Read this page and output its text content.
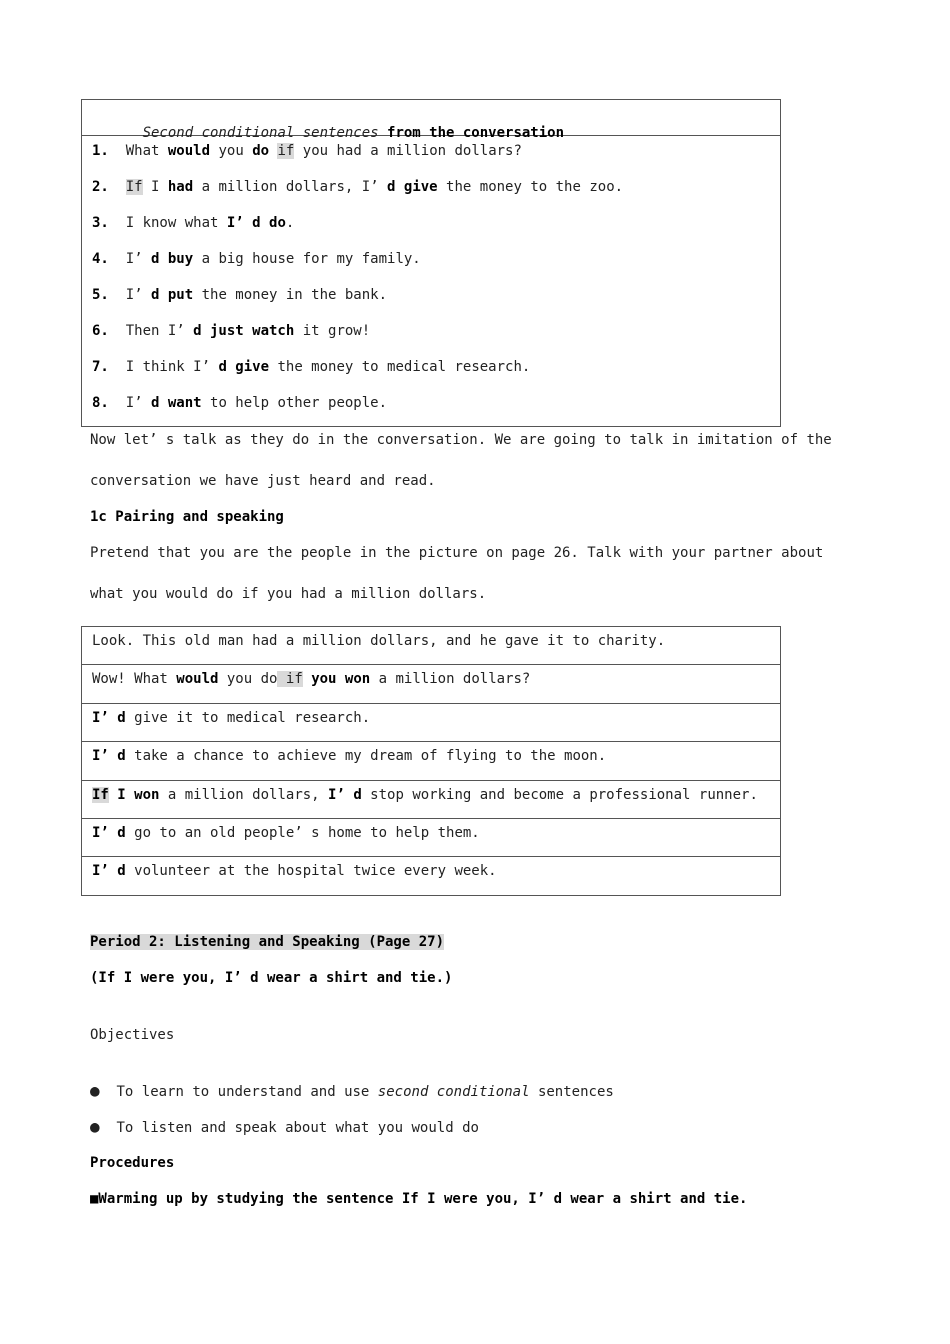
Second conditional sentences from the conversation

1.  What would you do if you had a million dollars?
2. If I had a million dollars, I’ d give the money to the zoo.
3.  I know what I’ d do.
4.  I’ d buy a big house for my family.
5.  I’ d put the money in the bank.
6.  Then I’ d just watch it grow!
7.  I think I’ d give the money to medical research.
8.  I’ d want to help other people.
Now let’ s talk as they do in the conversation. We are going to talk in imitation of the
conversation we have just heard and read.
1c Pairing and speaking
Pretend that you are the people in the picture on page 26. Talk with your partner about
what you would do if you had a million dollars.
Look. This old man had a million dollars, and he gave it to charity.
Wow! What would you do if you won a million dollars?
I’ d give it to medical research.
I’ d take a chance to achieve my dream of flying to the moon.
If I won a million dollars, I’ d stop working and become a professional runner.
I’ d go to an old people’ s home to help them.
I’ d volunteer at the hospital twice every week.
Period 2: Listening and Speaking (Page 27)
(If I were you, I’ d wear a shirt and tie.)
Objectives
● To learn to understand and use second conditional sentences
● To listen and speak about what you would do
Procedures
■Warming up by studying the sentence If I were you, I’ d wear a shirt and tie.
